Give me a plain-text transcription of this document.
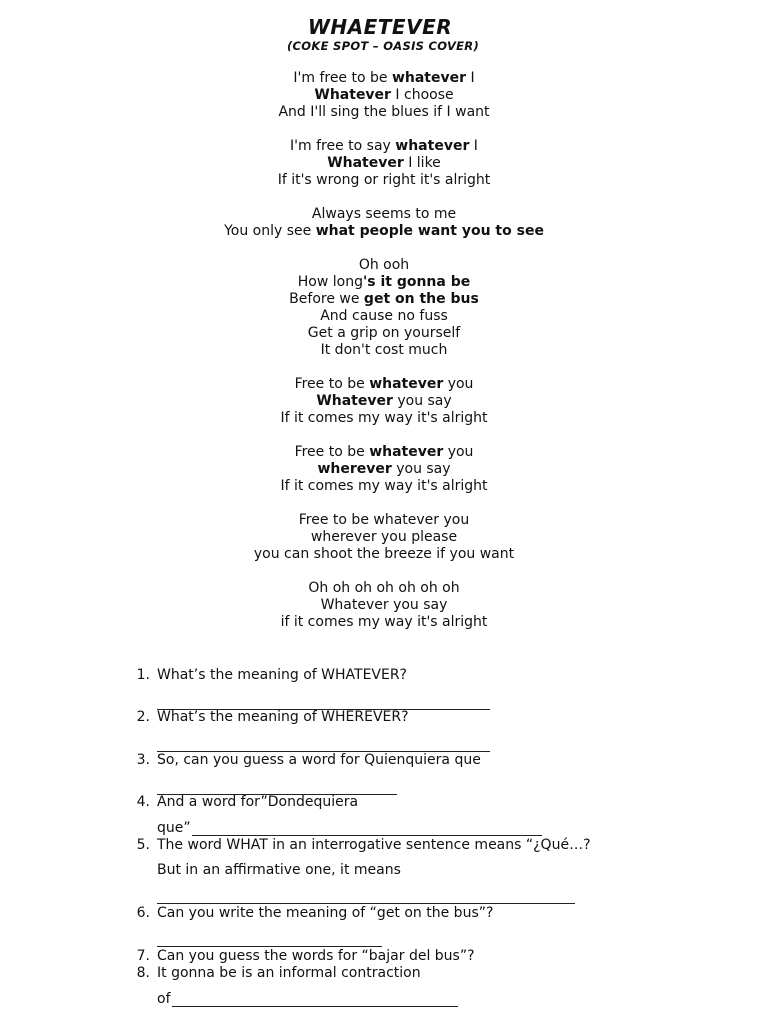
WHAETEVER
(COKE SPOT – OASIS COVER)
I'm free to be whatever I
Whatever I choose
And I'll sing the blues if I want
I'm free to say whatever I
Whatever I like
If it's wrong or right it's alright
Always seems to me
You only see what people want you to see
Oh ooh
How long's it gonna be
Before we get on the bus
And cause no fuss
Get a grip on yourself
It don't cost much
Free to be whatever you
Whatever you say
If it comes my way it's alright
Free to be whatever you
wherever you say
If it comes my way it's alright
Free to be whatever you
wherever you please
you can shoot the breeze if you want
Oh oh oh oh oh oh oh
Whatever you say
if it comes my way it's alright
1. What’s the meaning of WHATEVER?
2. What’s the meaning of WHEREVER?
3. So, can you guess a word for Quienquiera que
4. And a word for”Dondequiera
que”
5. The word WHAT in an interrogative sentence means “¿Qué…?
But in an affirmative one, it means
6. Can you write the meaning of “get on the bus”?
7. Can you guess the words for “bajar del bus”?
8. It gonna be is an informal contraction
of
